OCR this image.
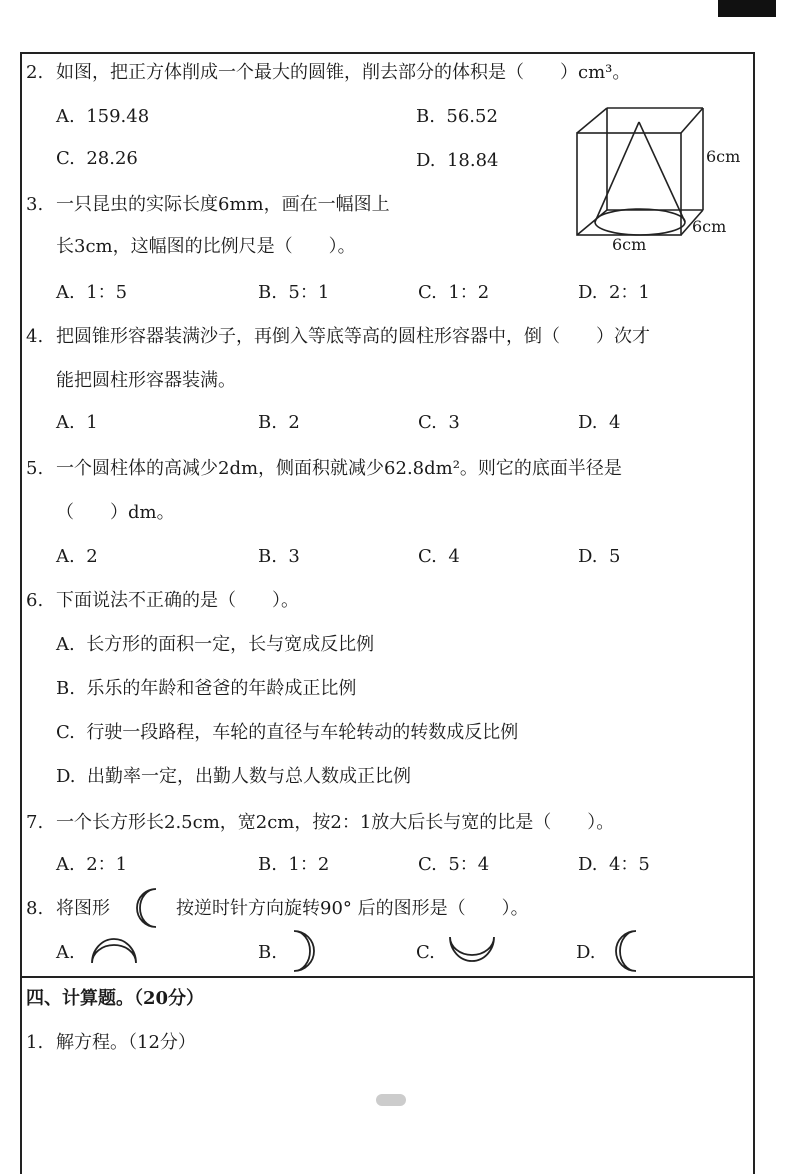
2. 如图，把正方体削成一个最大的圆锥，削去部分的体积是（　　）cm³。
A. 159.48	B. 56.52
C. 28.26	D. 18.84	6cm
6cm
6cm
3. 一只昆虫的实际长度6mm，画在一幅图上
长3cm，这幅图的比例尺是（　　）。
A. 1：5	B. 5：1	C. 1：2	D. 2：1
4. 把圆锥形容器装满沙子，再倒入等底等高的圆柱形容器中，倒（　　）次才
能把圆柱形容器装满。
A. 1	B. 2	C. 3	D. 4
5. 一个圆柱体的高减少2dm，侧面积就减少62.8dm²。则它的底面半径是
（　　）dm。
A. 2	B. 3	C. 4	D. 5
6. 下面说法不正确的是（　　）。
A. 长方形的面积一定，长与宽成反比例
B. 乐乐的年龄和爸爸的年龄成正比例
C. 行驶一段路程，车轮的直径与车轮转动的转数成反比例
D. 出勤率一定，出勤人数与总人数成正比例
7. 一个长方形长2.5cm，宽2cm，按2：1放大后长与宽的比是（　　）。
A. 2：1	B. 1：2	C. 5：4	D. 4：5
8. 将图形	按逆时针方向旋转90° 后的图形是（　　）。
A.	B.	C.	D.
四、计算题。（20分）
1. 解方程。（12分）
